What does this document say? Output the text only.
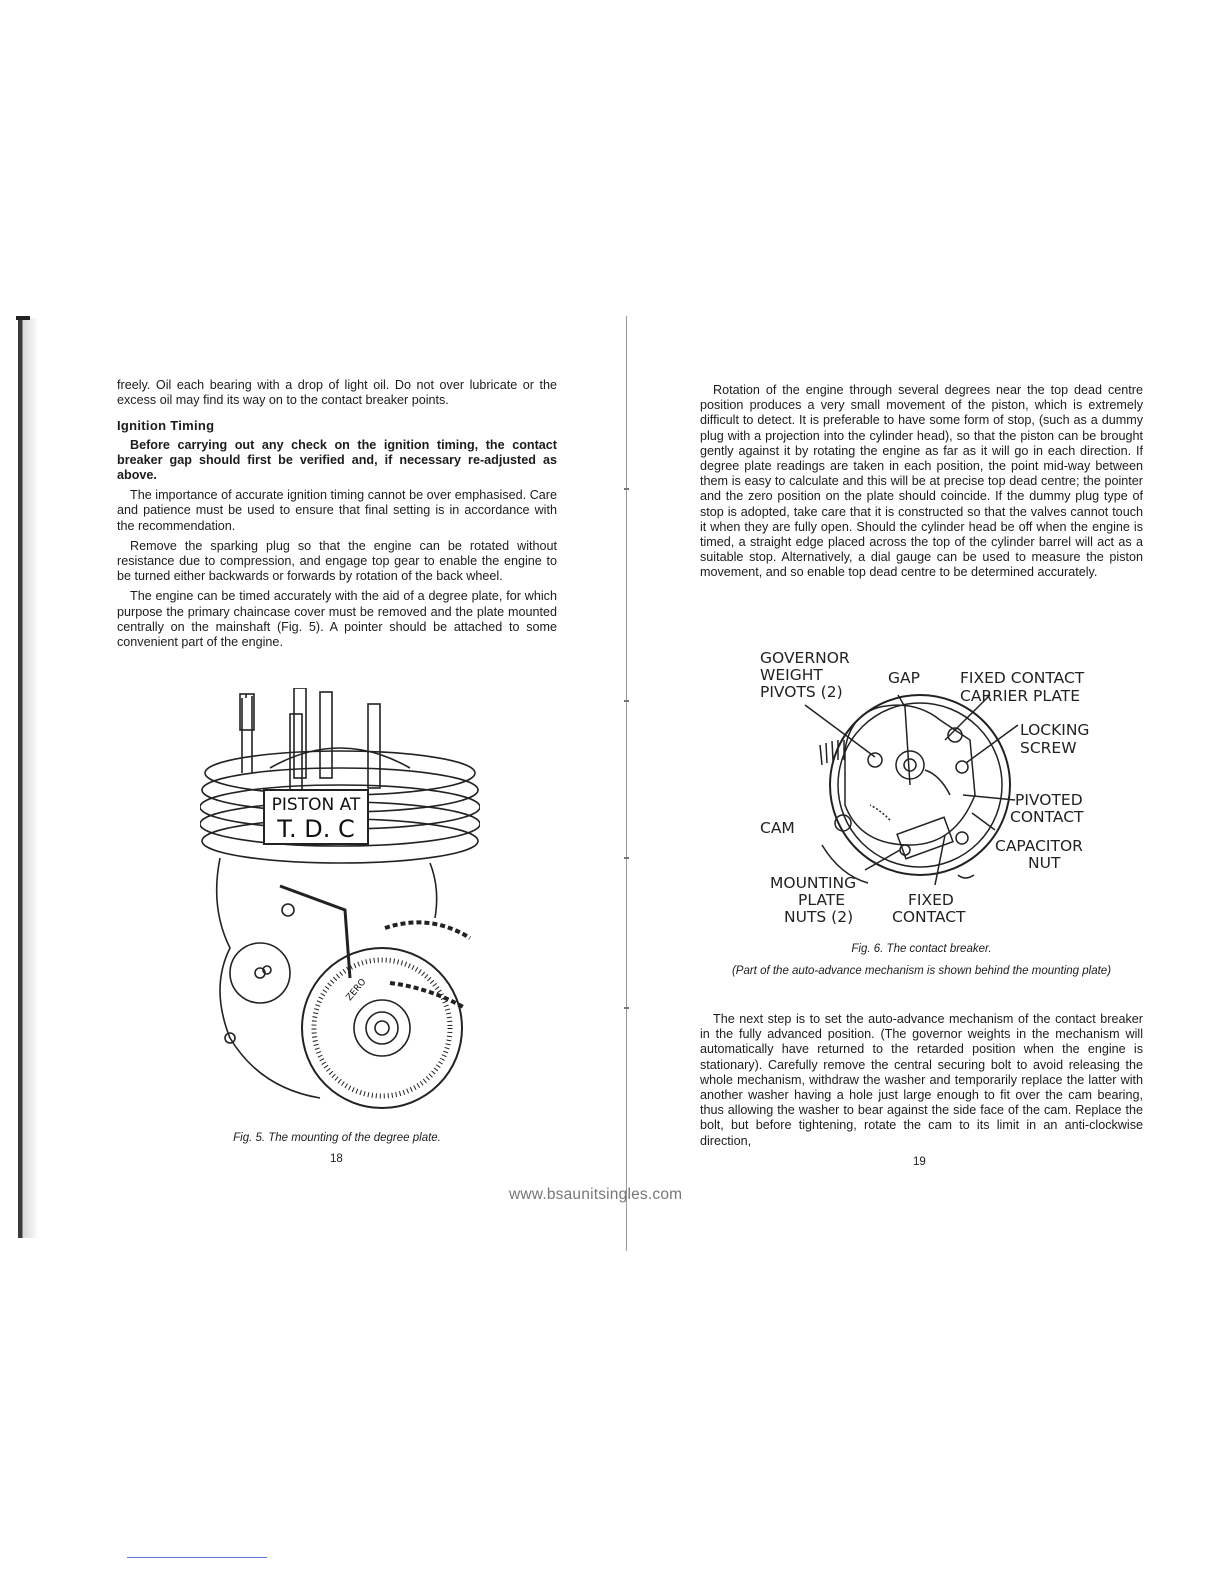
freely. Oil each bearing with a drop of light oil. Do not over lubricate or the excess oil may find its way on to the contact breaker points.

Ignition Timing

Before carrying out any check on the ignition timing, the contact breaker gap should first be verified and, if necessary re-adjusted as above.

The importance of accurate ignition timing cannot be over emphasised. Care and patience must be used to ensure that final setting is in accordance with the recommendation.

Remove the sparking plug so that the engine can be rotated without resistance due to compression, and engage top gear to enable the engine to be turned either backwards or forwards by rotation of the back wheel.

The engine can be timed accurately with the aid of a degree plate, for which purpose the primary chaincase cover must be removed and the plate mounted centrally on the mainshaft (Fig. 5). A pointer should be attached to some convenient part of the engine.

PISTON AT
T. D. C
ZERO
Fig. 5. The mounting of the degree plate.
18

Rotation of the engine through several degrees near the top dead centre position produces a very small movement of the piston, which is extremely difficult to detect. It is preferable to have some form of stop, (such as a dummy plug with a projection into the cylinder head), so that the piston can be brought gently against it by rotating the engine as far as it will go in each direction. If degree plate readings are taken in each position, the point mid-way between them is easy to calculate and this will be at precise top dead centre; the pointer and the zero position on the plate should coincide. If the dummy plug type of stop is adopted, take care that it is constructed so that the valves cannot touch it when they are fully open. Should the cylinder head be off when the engine is timed, a straight edge placed across the top of the cylinder barrel will act as a suitable stop. Alternatively, a dial gauge can be used to measure the piston movement, and so enable top dead centre to be determined accurately.

GOVERNOR
WEIGHT
PIVOTS (2)
GAP	FIXED CONTACT
CARRIER PLATE
LOCKING
SCREW
PIVOTED
CONTACT
CAM
CAPACITOR
NUT
MOUNTING
PLATE
NUTS (2)
FIXED
CONTACT
Fig. 6. The contact breaker.
(Part of the auto-advance mechanism is shown behind the mounting plate)

The next step is to set the auto-advance mechanism of the contact breaker in the fully advanced position. (The governor weights in the mechanism will automatically have returned to the retarded position when the engine is stationary). Carefully remove the central securing bolt to avoid releasing the whole mechanism, withdraw the washer and temporarily replace the latter with another washer having a hole just large enough to fit over the cam bearing, thus allowing the washer to bear against the side face of the cam. Replace the bolt, but before tightening, rotate the cam to its limit in an anti-clockwise direction,

19
www.bsaunitsingles.com
